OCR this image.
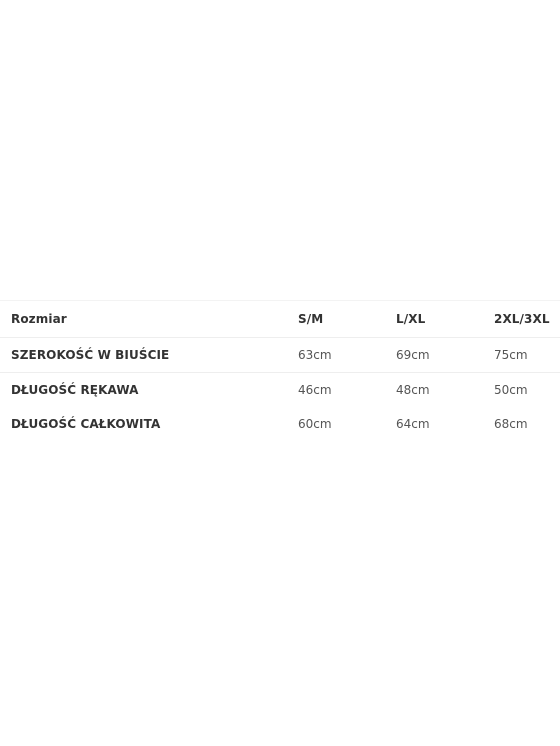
Rozmiar	S/M	L/XL	2XL/3XL
SZEROKOŚĆ W BIUŚCIE	63cm	69cm	75cm
DŁUGOŚĆ RĘKAWA	46cm	48cm	50cm
DŁUGOŚĆ CAŁKOWITA	60cm	64cm	68cm
